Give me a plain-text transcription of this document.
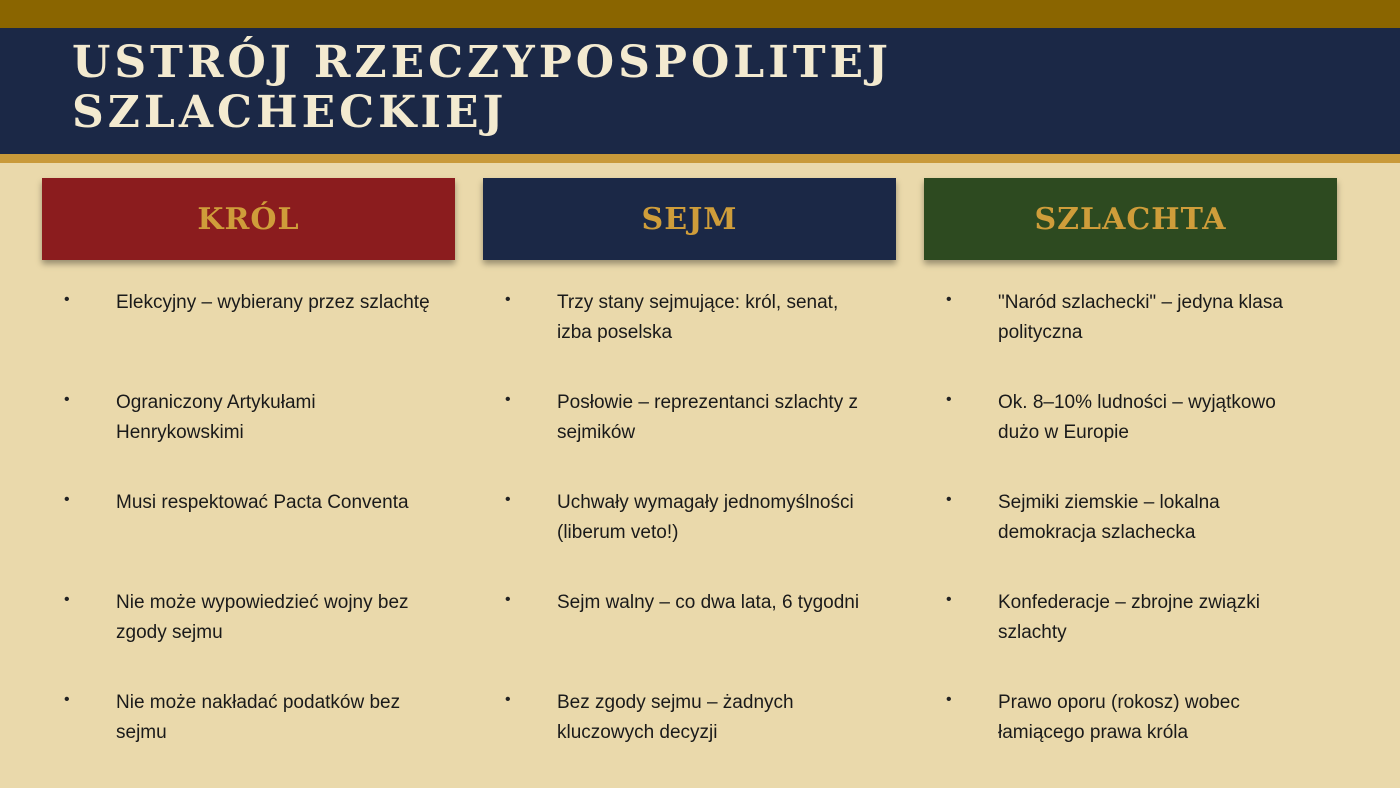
USTRÓJ RZECZYPOSPOLITEJ SZLACHECKIEJ
KRÓL
• Elekcyjny – wybierany przez szlachtę
• Ograniczony Artykułami Henrykowskimi
• Musi respektować Pacta Conventa
• Nie może wypowiedzieć wojny bez zgody sejmu
• Nie może nakładać podatków bez sejmu
SEJM
• Trzy stany sejmujące: król, senat, izba poselska
• Posłowie – reprezentanci szlachty z sejmików
• Uchwały wymagały jednomyślności (liberum veto!)
• Sejm walny – co dwa lata, 6 tygodni
• Bez zgody sejmu – żadnych kluczowych decyzji
SZLACHTA
• "Naród szlachecki" – jedyna klasa polityczna
• Ok. 8–10% ludności – wyjątkowo dużo w Europie
• Sejmiki ziemskie – lokalna demokracja szlachecka
• Konfederacje – zbrojne związki szlachty
• Prawo oporu (rokosz) wobec łamiącego prawa króla
